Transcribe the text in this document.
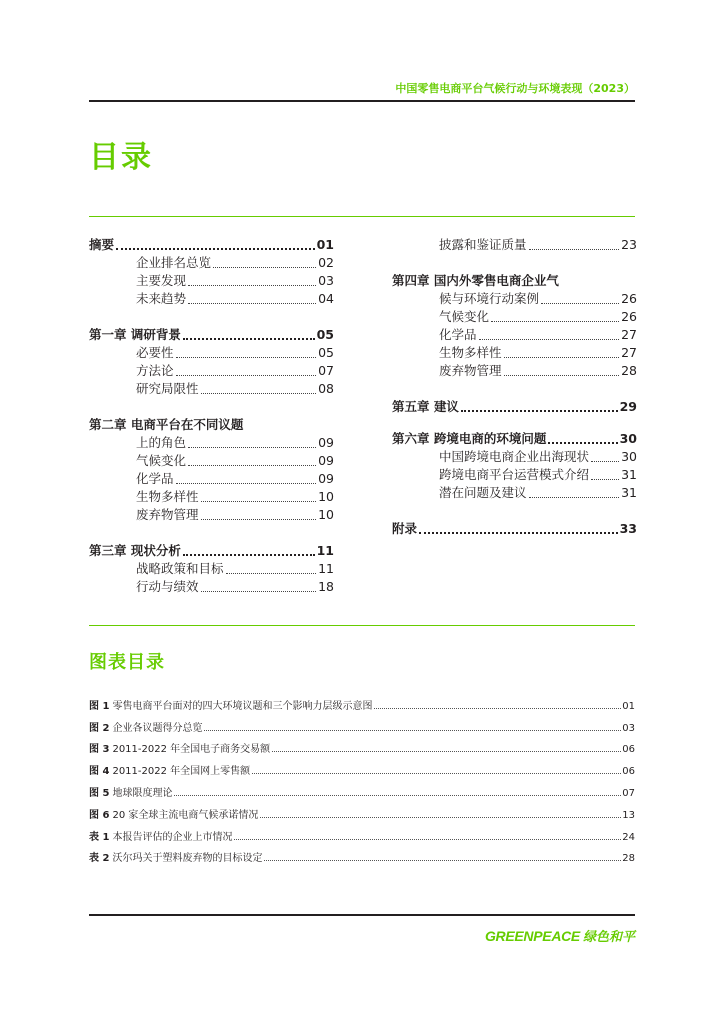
中国零售电商平台气候行动与环境表现（2023）
目录
摘要	01
企业排名总览	02
主要发现	03
未来趋势	04
第一章 调研背景	05
必要性	05
方法论	07
研究局限性	08
第二章 电商平台在不同议题
上的角色	09
气候变化	09
化学品	09
生物多样性	10
废弃物管理	10
第三章 现状分析	11
战略政策和目标	11
行动与绩效	18
披露和鉴证质量	23
第四章 国内外零售电商企业气
候与环境行动案例	26
气候变化	26
化学品	27
生物多样性	27
废弃物管理	28
第五章 建议	29
第六章 跨境电商的环境问题	30
中国跨境电商企业出海现状	30
跨境电商平台运营模式介绍	31
潜在问题及建议	31
附录	33
图表目录
图 1 零售电商平台面对的四大环境议题和三个影响力层级示意图	01
图 2 企业各议题得分总览	03
图 3 2011-2022 年全国电子商务交易额	06
图 4 2011-2022 年全国网上零售额	06
图 5 地球限度理论	07
图 6 20 家全球主流电商气候承诺情况	13
表 1 本报告评估的企业上市情况	24
表 2 沃尔玛关于塑料废弃物的目标设定	28
GREENPEACE 绿色和平
